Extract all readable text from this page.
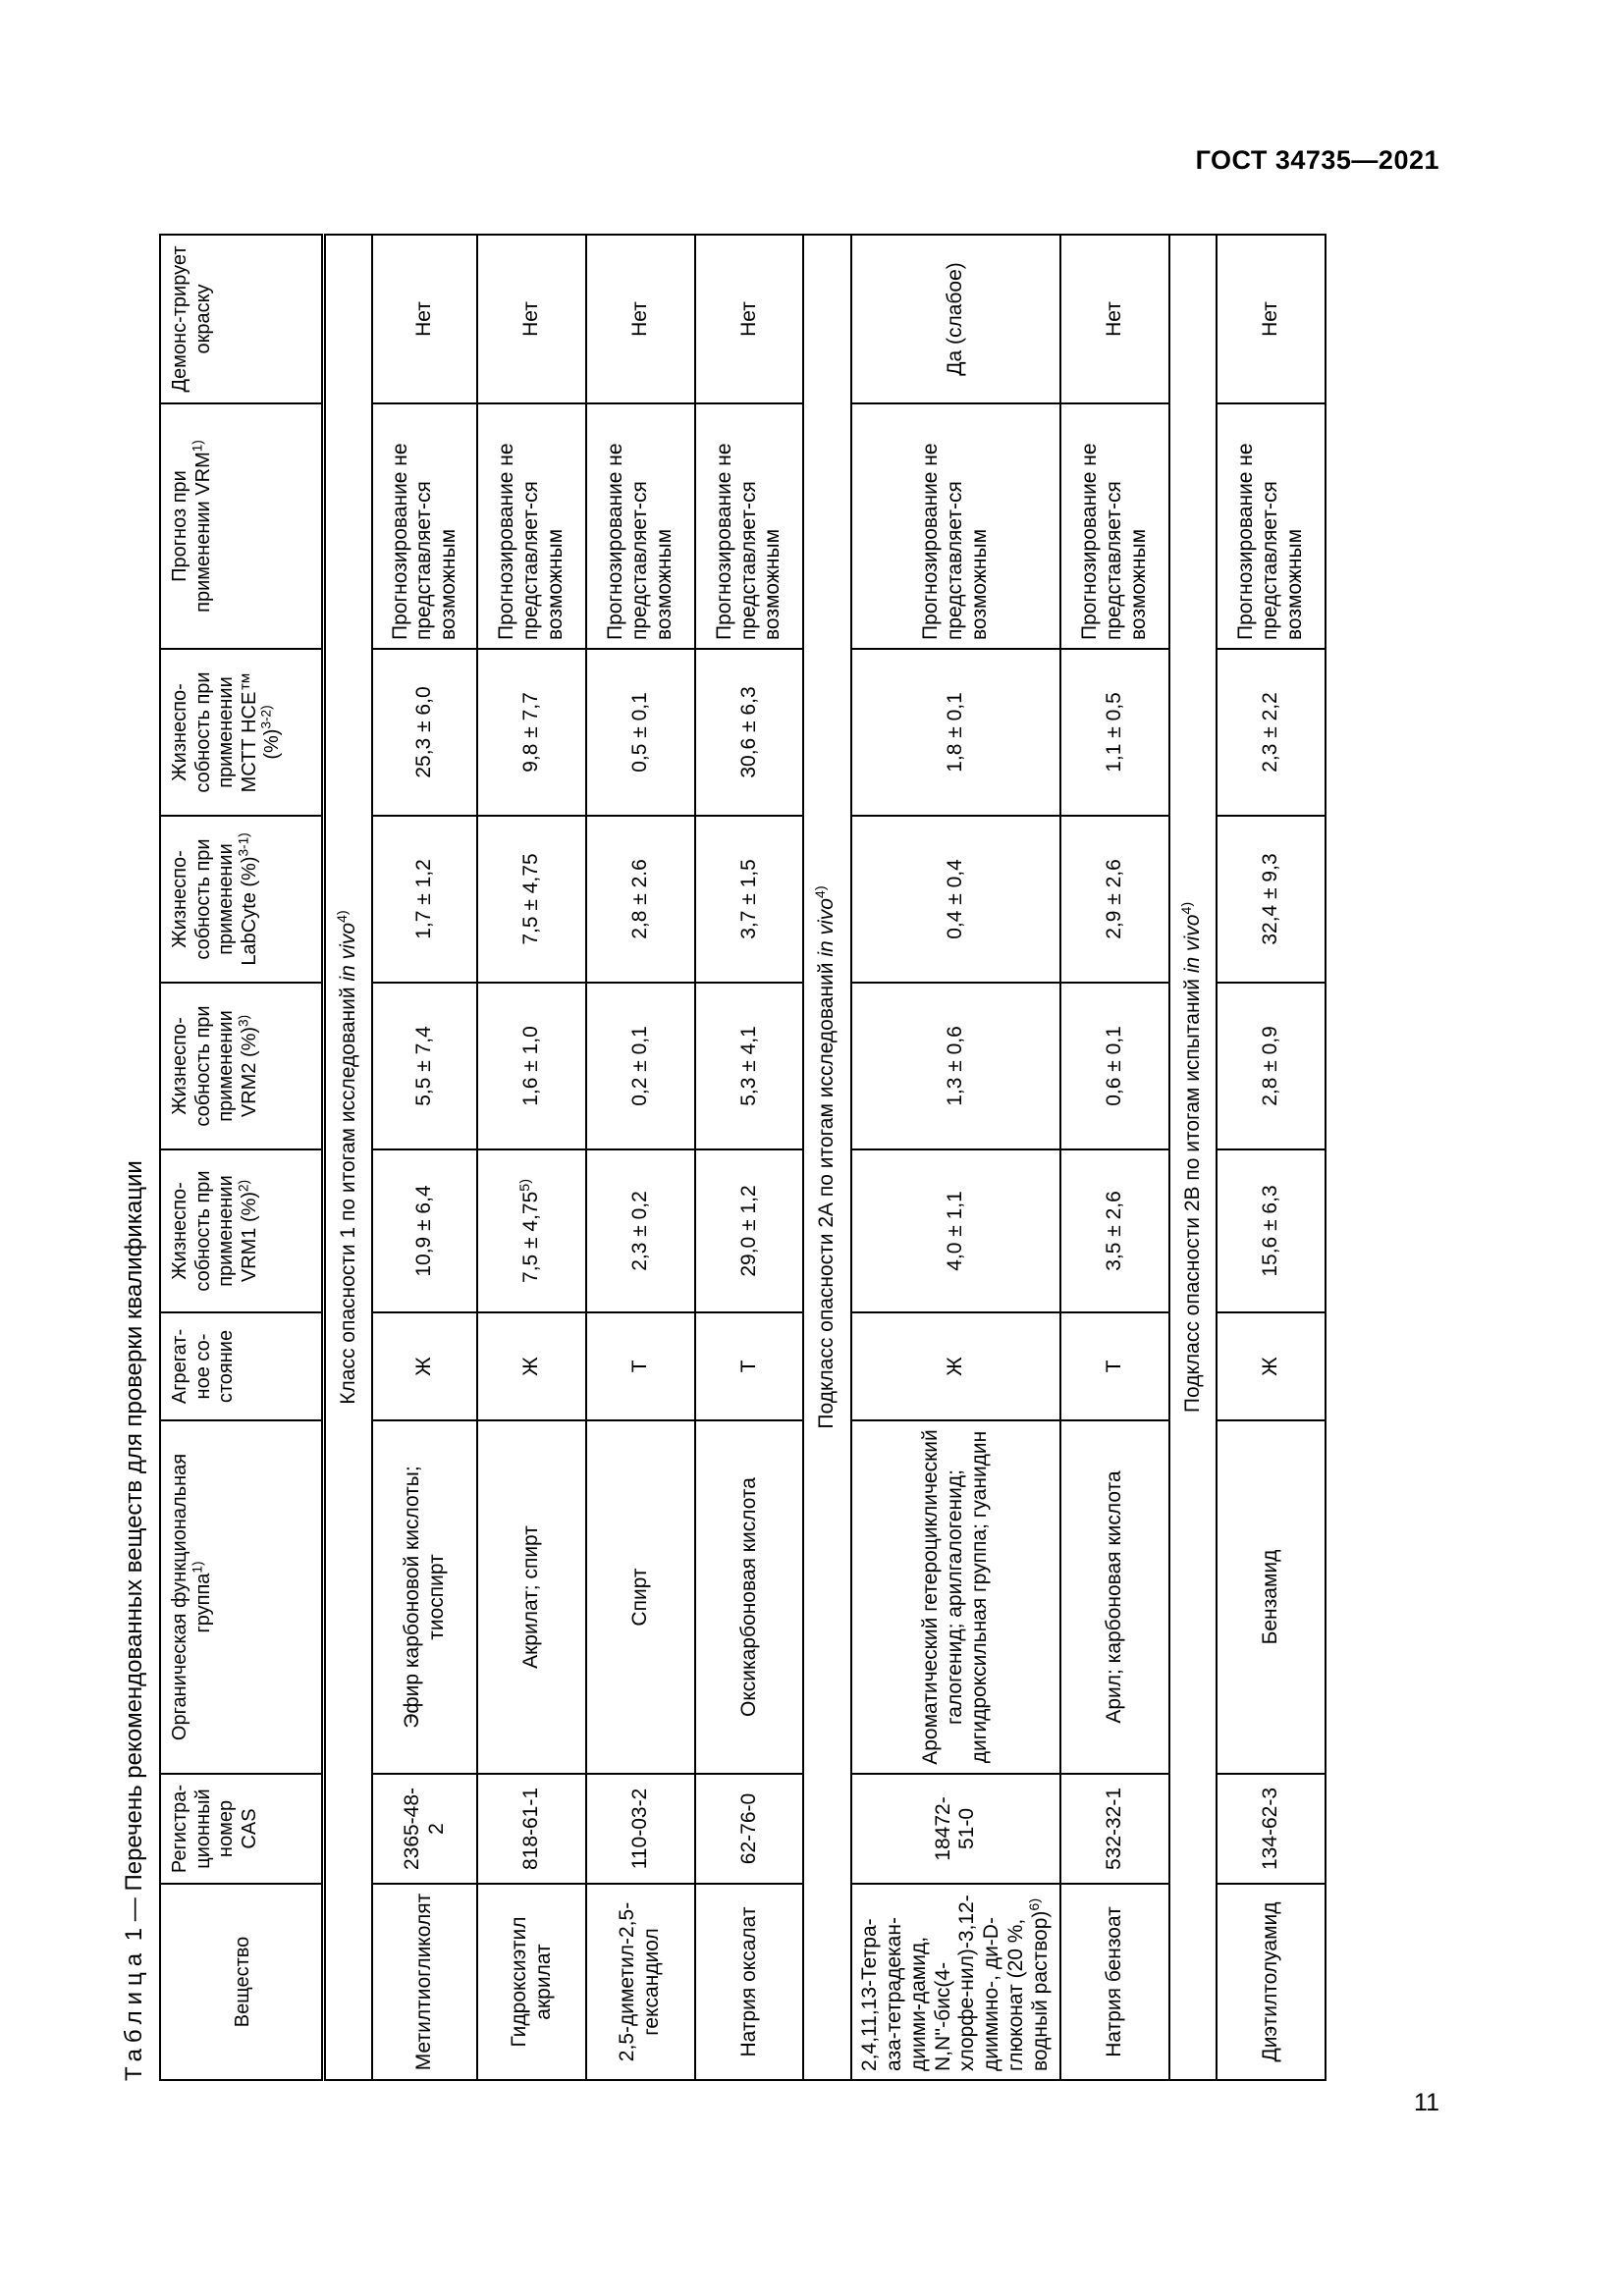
ГОСТ 34735—2021
Таблица 1 — Перечень рекомендованных веществ для проверки квалификации
Вещество	Регистра-ционный номер CAS	Органическая функциональная группа$^{1)}$	Агрегат-ное со-стояние	Жизнеспо-собность при применении VRM1 (%)$^{2)}$	Жизнеспо-собность при применении VRM2 (%)$^{3)}$	Жизнеспо-собность при применении LabCyte (%)$^{3-1)}$	Жизнеспо-собность при применении МСТТ HCE™ (%)$^{3-2)}$	Прогноз при применении VRM$^{1)}$	Демонс-трирует окраску
Класс опасности 1 по итогам исследований in vivo$^{4)}$
Метилтиогликолят	2365-48-2	Эфир карбоновой кислоты; тиоспирт	Ж	10,9 ± 6,4	5,5 ± 7,4	1,7 ± 1,2	25,3 ± 6,0	Прогнозирование не представляет-ся возможным	Нет
Гидроксиэтил акрилат	818-61-1	Акрилат; спирт	Ж	$7,5 \pm 4,75^{5)}$	1,6 ± 1,0	7,5 ± 4,75	9,8 ± 7,7	Прогнозирование не представляет-ся возможным	Нет
2,5-диметил-2,5-гександиол	110-03-2	Спирт	Т	2,3 ± 0,2	0,2 ± 0,1	2,8 ± 2.6	0,5 ± 0,1	Прогнозирование не представляет-ся возможным	Нет
Натрия оксалат	62-76-0	Оксикарбоновая кислота	Т	29,0 ± 1,2	5,3 ± 4,1	3,7 ± 1,5	30,6 ± 6,3	Прогнозирование не представляет-ся возможным	Нет
Подкласс опасности 2А по итогам исследований in vivo$^{4)}$
2,4,11,13-Тетра-аза-тетрадекан-диими-дамид, N,N''-бис(4-хлорфе-нил)-3,12-диимино-, ди-D-глюконат (20 %, водный раствор)$^{6)}$	18472-51-0	Ароматический гетероциклический галогенид; арилгалогенид; дигидроксильная группа; гуанидин	Ж	4,0 ± 1,1	1,3 ± 0,6	0,4 ± 0,4	1,8 ± 0,1	Прогнозирование не представляет-ся возможным	Да (слабое)
Натрия бензоат	532-32-1	Арил; карбоновая кислота	Т	3,5 ± 2,6	0,6 ± 0,1	2,9 ± 2,6	1,1 ± 0,5	Прогнозирование не представляет-ся возможным	Нет
Подкласс опасности 2В по итогам испытаний in vivo$^{4)}$
Диэтилтолуамид	134-62-3	Бензамид	Ж	15,6 ± 6,3	2,8 ± 0,9	32,4 ± 9,3	2,3 ± 2,2	Прогнозирование не представляет-ся возможным	Нет
11
